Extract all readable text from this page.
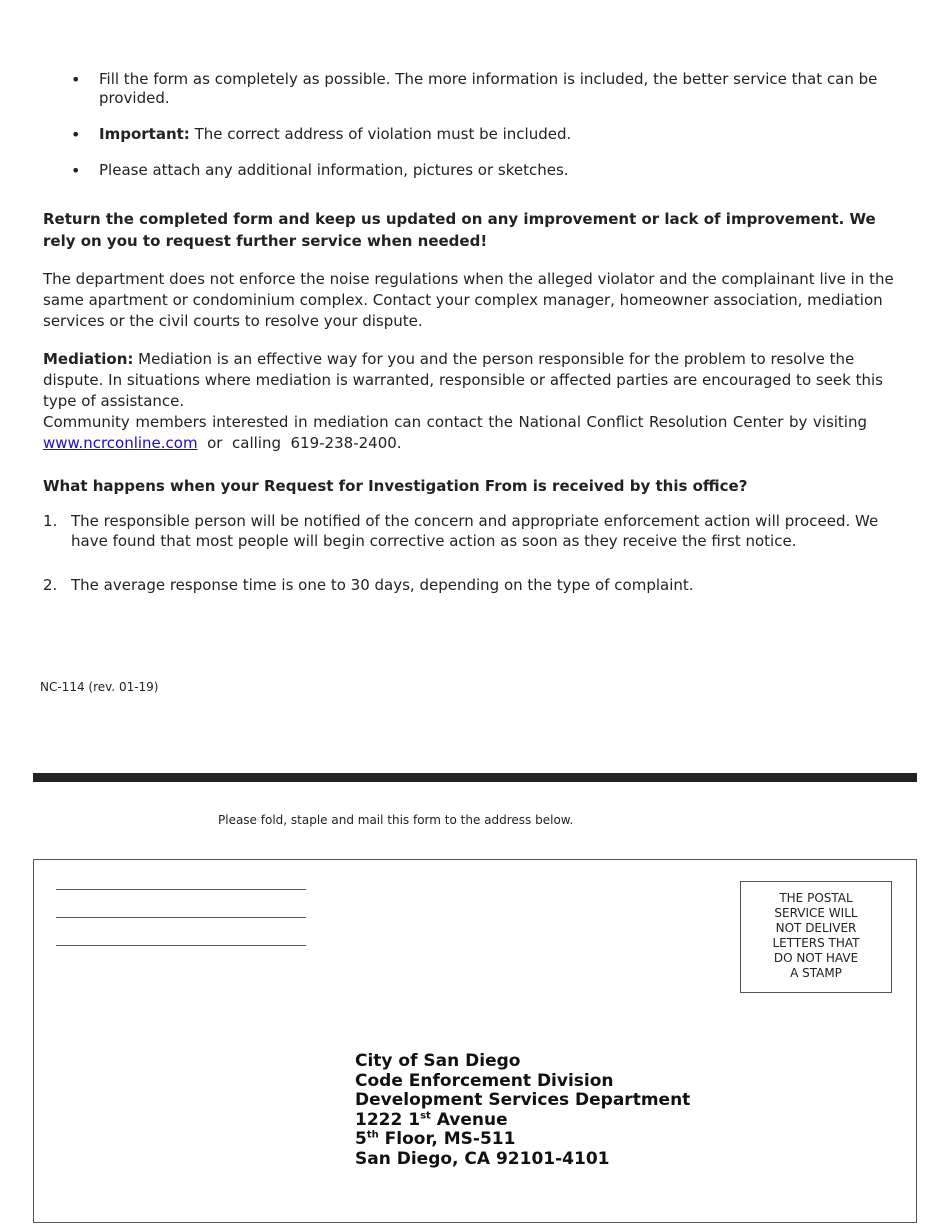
• Fill the form as completely as possible. The more information is included, the better service that can be provided.
• Important: The correct address of violation must be included.
• Please attach any additional information, pictures or sketches.

Return the completed form and keep us updated on any improvement or lack of improvement. We rely on you to request further service when needed!

The department does not enforce the noise regulations when the alleged violator and the complainant live in the same apartment or condominium complex. Contact your complex manager, homeowner association, mediation services or the civil courts to resolve your dispute.

Mediation: Mediation is an effective way for you and the person responsible for the problem to resolve the dispute. In situations where mediation is warranted, responsible or affected parties are encouraged to seek this type of assistance.
Community members interested in mediation can contact the National Conflict Resolution Center by visiting
www.ncrconline.com  or  calling  619-238-2400.

What happens when your Request for Investigation From is received by this office?

1. The responsible person will be notified of the concern and appropriate enforcement action will proceed. We have found that most people will begin corrective action as soon as they receive the first notice.
2. The average response time is one to 30 days, depending on the type of complaint.
NC-114 (rev. 01-19)
Please fold, staple and mail this form to the address below.
THE POSTAL
SERVICE WILL
NOT DELIVER
LETTERS THAT
DO NOT HAVE
A STAMP
City of San Diego
Code Enforcement Division
Development Services Department
1222 1st Avenue
5th Floor, MS-511
San Diego, CA 92101-4101
